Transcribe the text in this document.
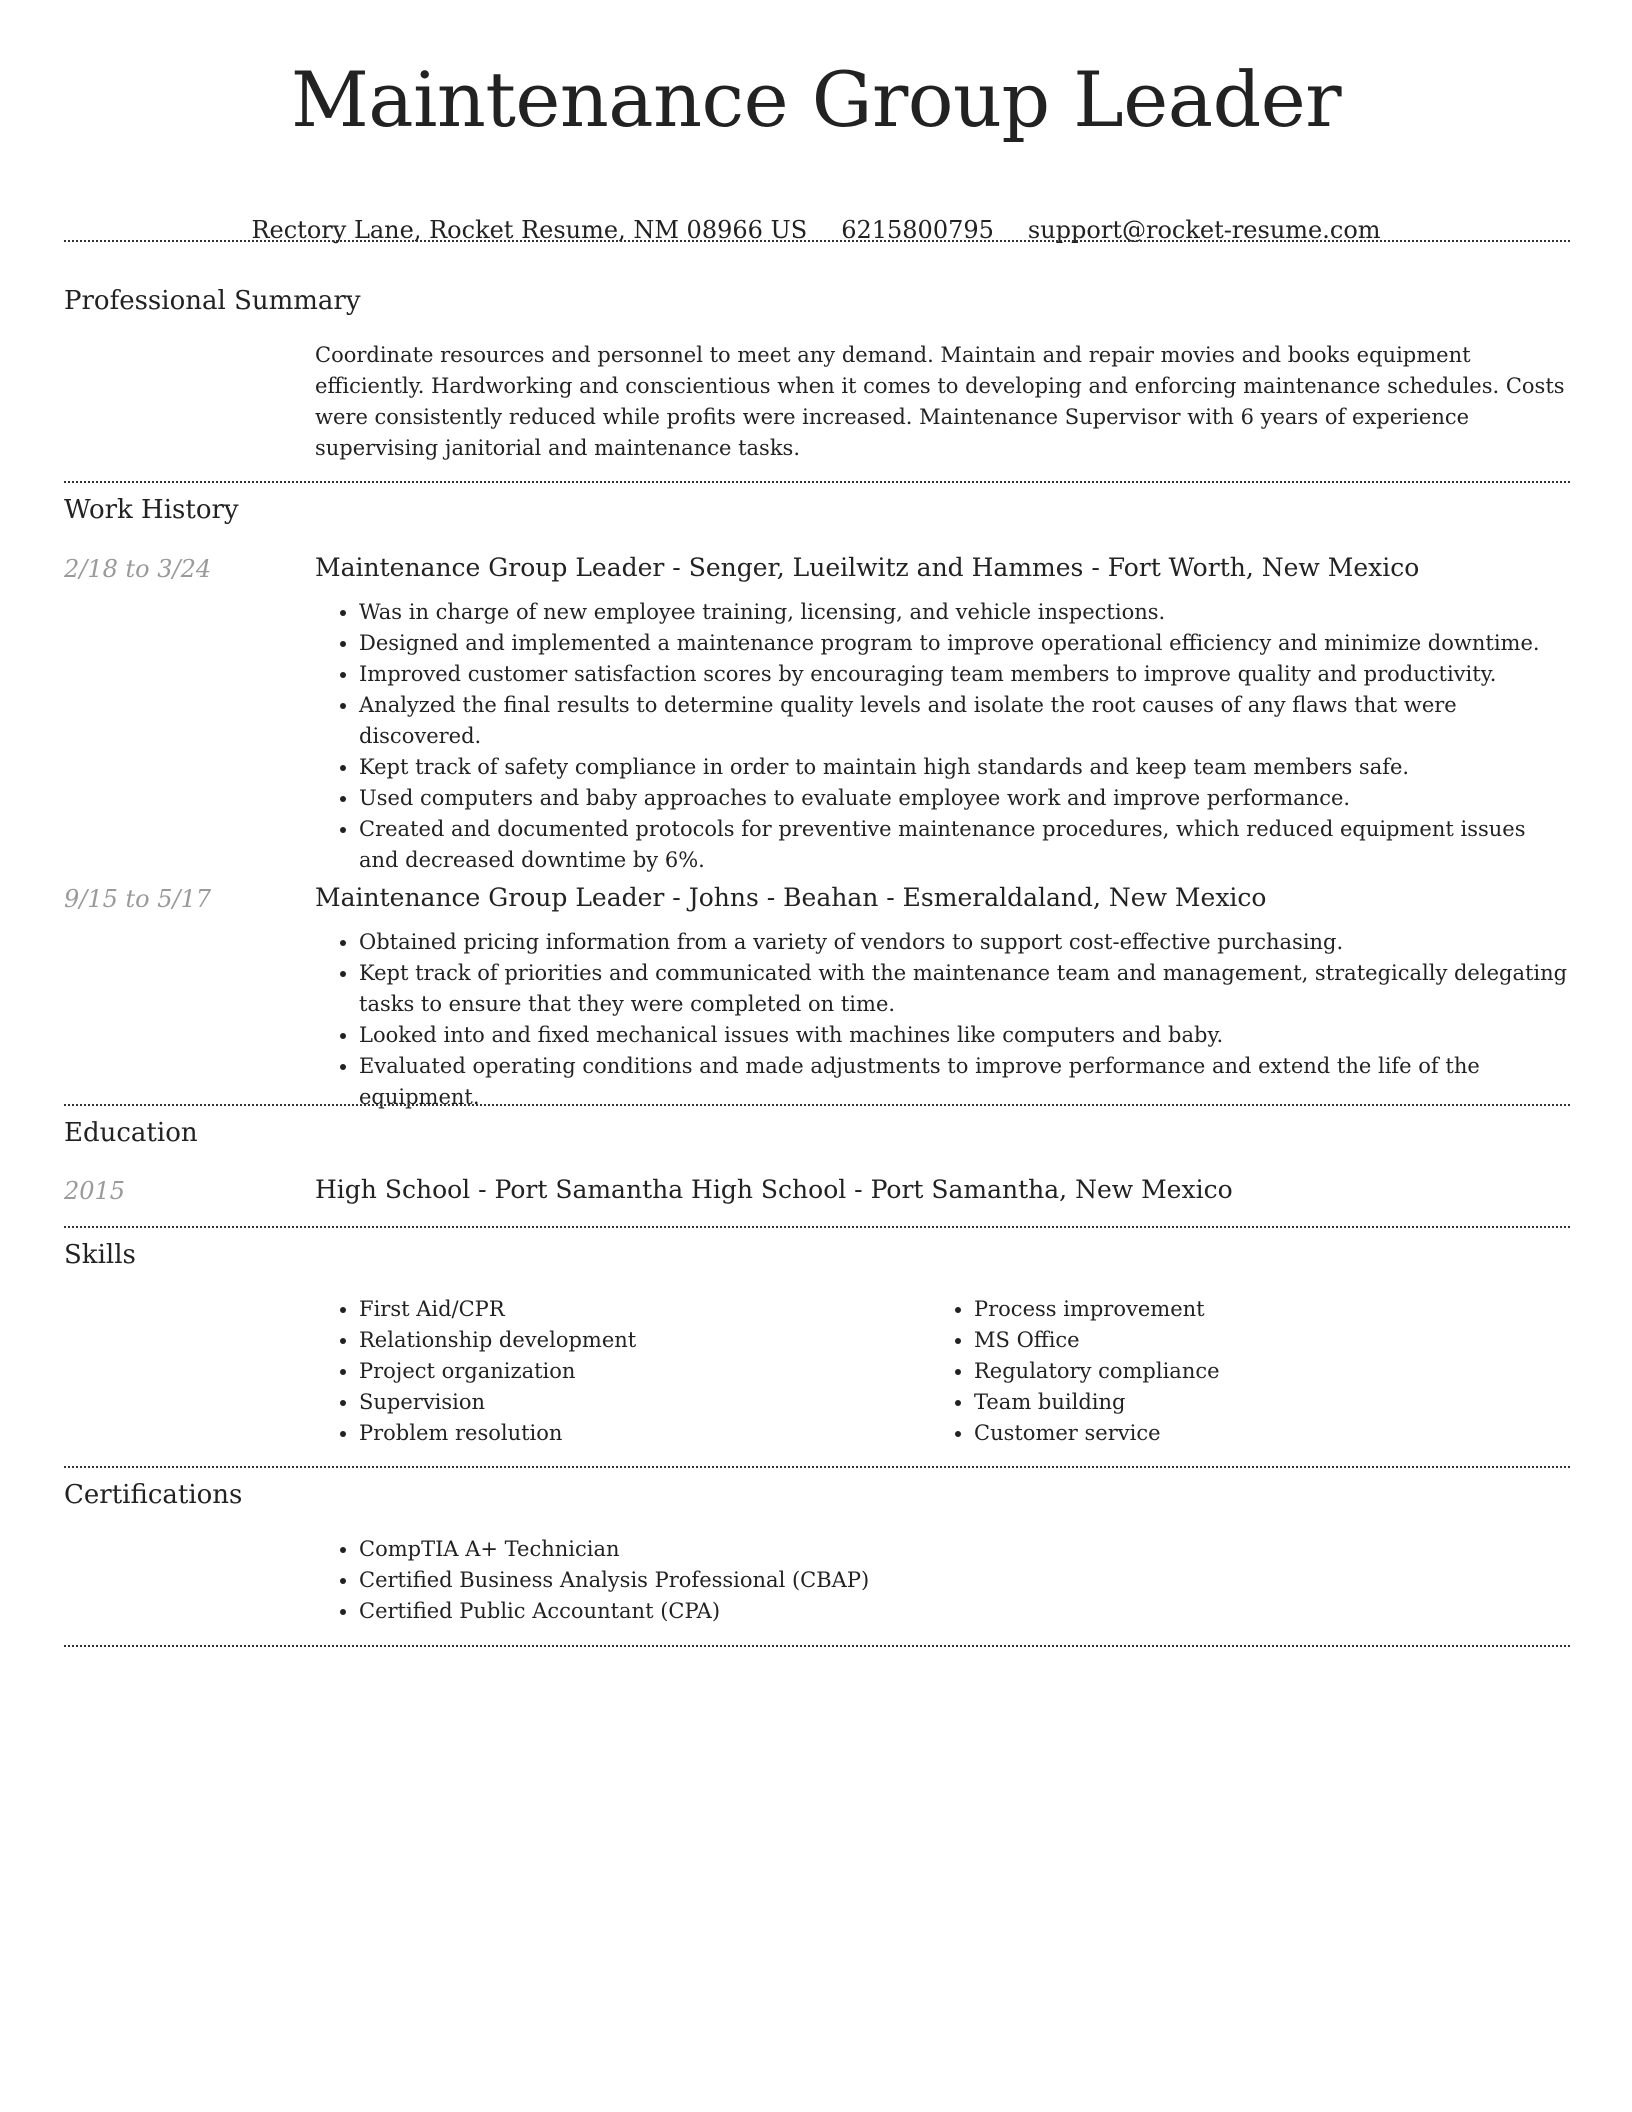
Maintenance Group Leader
Rectory Lane, Rocket Resume, NM 08966 US 6215800795 support@rocket-resume.com
Professional Summary
Coordinate resources and personnel to meet any demand. Maintain and repair movies and books equipment efficiently. Hardworking and conscientious when it comes to developing and enforcing maintenance schedules. Costs were consistently reduced while profits were increased. Maintenance Supervisor with 6 years of experience supervising janitorial and maintenance tasks.
Work History
2/18 to 3/24	Maintenance Group Leader - Senger, Lueilwitz and Hammes - Fort Worth, New Mexico
• Was in charge of new employee training, licensing, and vehicle inspections.
• Designed and implemented a maintenance program to improve operational efficiency and minimize downtime.
• Improved customer satisfaction scores by encouraging team members to improve quality and productivity.
• Analyzed the final results to determine quality levels and isolate the root causes of any flaws that were discovered.
• Kept track of safety compliance in order to maintain high standards and keep team members safe.
• Used computers and baby approaches to evaluate employee work and improve performance.
• Created and documented protocols for preventive maintenance procedures, which reduced equipment issues and decreased downtime by 6%.
9/15 to 5/17	Maintenance Group Leader - Johns - Beahan - Esmeraldaland, New Mexico
• Obtained pricing information from a variety of vendors to support cost-effective purchasing.
• Kept track of priorities and communicated with the maintenance team and management, strategically delegating tasks to ensure that they were completed on time.
• Looked into and fixed mechanical issues with machines like computers and baby.
• Evaluated operating conditions and made adjustments to improve performance and extend the life of the equipment.
Education
2015	High School - Port Samantha High School - Port Samantha, New Mexico
Skills
• First Aid/CPR
• Relationship development
• Project organization
• Supervision
• Problem resolution
• Process improvement
• MS Office
• Regulatory compliance
• Team building
• Customer service
Certifications
• CompTIA A+ Technician
• Certified Business Analysis Professional (CBAP)
• Certified Public Accountant (CPA)
